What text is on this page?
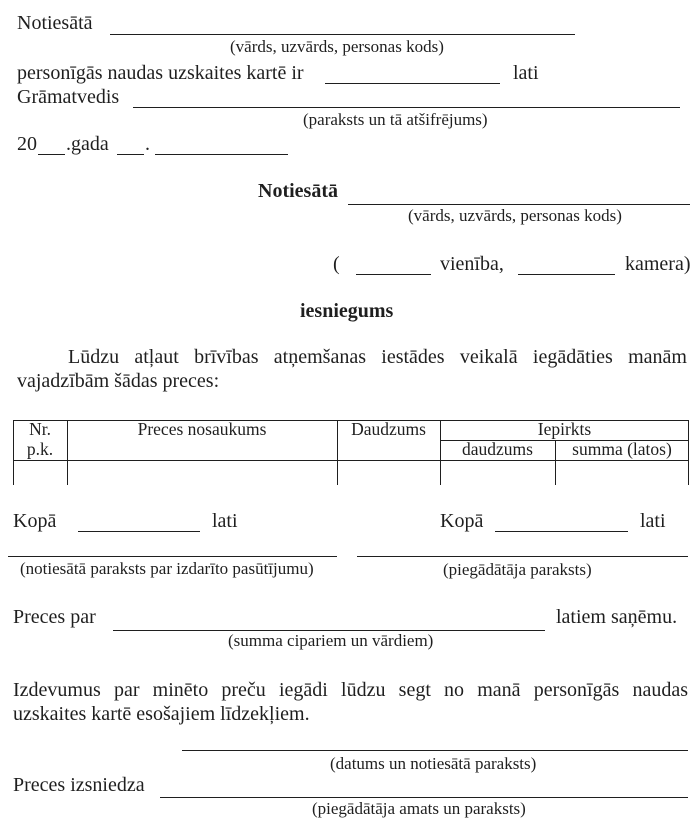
Notiesātā
(vārds, uzvārds, personas kods)
personīgās naudas uzskaites kartē ir	lati
Grāmatvedis
(paraksts un tā atšifrējums)
20 .gada .
Notiesātā
(vārds, uzvārds, personas kods)
(	vienība,	kamera)
iesniegums
Lūdzu atļaut brīvības atņemšanas iestādes veikalā iegādāties manām
vajadzībām šādas preces:
Nr.
p.k.
Preces nosaukums	Daudzums	Iepirkts
daudzums	summa (latos)
Kopā	lati	Kopā	lati
(notiesātā paraksts par izdarīto pasūtījumu)	(piegādātāja paraksts)
Preces par	latiem saņēmu.
(summa cipariem un vārdiem)
Izdevumus par minēto preču iegādi lūdzu segt no manā personīgās naudas
uzskaites kartē esošajiem līdzekļiem.
(datums un notiesātā paraksts)
Preces izsniedza
(piegādātāja amats un paraksts)
